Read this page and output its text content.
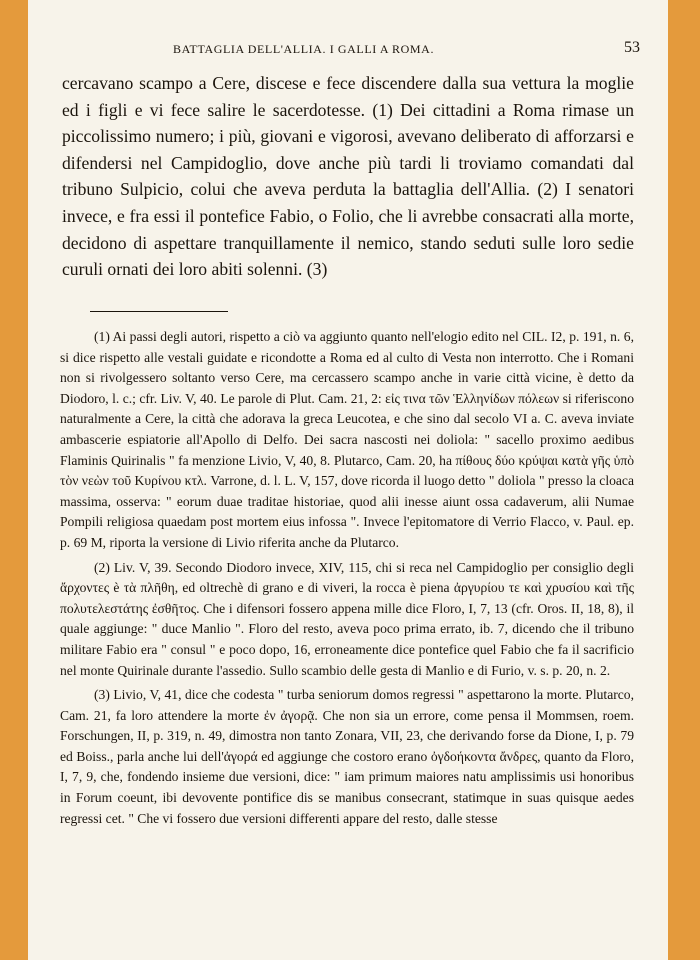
BATTAGLIA DELL'ALLIA. I GALLI A ROMA.	53

cercavano scampo a Cere, discese e fece discendere dalla sua vettura la moglie ed i figli e vi fece salire le sacerdotesse. (1) Dei cittadini a Roma rimase un piccolissimo numero; i più, giovani e vigorosi, avevano deliberato di afforzarsi e difendersi nel Campidoglio, dove anche più tardi li troviamo comandati dal tribuno Sulpicio, colui che aveva perduta la battaglia dell'Allia. (2) I senatori invece, e fra essi il pontefice Fabio, o Folio, che li avrebbe consacrati alla morte, decidono di aspettare tranquillamente il nemico, stando seduti sulle loro sedie curuli ornati dei loro abiti solenni. (3)

(1) Ai passi degli autori, rispetto a ciò va aggiunto quanto nell'elogio edito nel CIL. I2, p. 191, n. 6, si dice rispetto alle vestali guidate e ricondotte a Roma ed al culto di Vesta non interrotto. Che i Romani non si rivolgessero soltanto verso Cere, ma cercassero scampo anche in varie città vicine, è detto da Diodoro, l. c.; cfr. Liv. V, 40. Le parole di Plut. Cam. 21, 2: εἰς τινα τῶν Ἑλληνίδων πόλεων si riferiscono naturalmente a Cere, la città che adorava la greca Leucotea, e che sino dal secolo VI a. C. aveva inviate ambascerie espiatorie all'Apollo di Delfo. Dei sacra nascosti nei doliola: " sacello proximo aedibus Flaminis Quirinalis " fa menzione Livio, V, 40, 8. Plutarco, Cam. 20, ha πίθους δύο κρύψαι κατὰ γῆς ὑπὸ τὸν νεὼν τοῦ Κυρίνου κτλ. Varrone, d. l. L. V, 157, dove ricorda il luogo detto " doliola " presso la cloaca massima, osserva: " eorum duae traditae historiae, quod alii inesse aiunt ossa cadaverum, alii Numae Pompili religiosa quaedam post mortem eius infossa ". Invece l'epitomatore di Verrio Flacco, v. Paul. ep. p. 69 M, riporta la versione di Livio riferita anche da Plutarco.

(2) Liv. V, 39. Secondo Diodoro invece, XIV, 115, chi si reca nel Campidoglio per consiglio degli ἄρχοντες è τὰ πλῆθη, ed oltrechè di grano e di viveri, la rocca è piena ἀργυρίου τε καὶ χρυσίου καὶ τῆς πολυτελεστάτης ἐσθῆτος. Che i difensori fossero appena mille dice Floro, I, 7, 13 (cfr. Oros. II, 18, 8), il quale aggiunge: " duce Manlio ". Floro del resto, aveva poco prima errato, ib. 7, dicendo che il tribuno militare Fabio era " consul " e poco dopo, 16, erroneamente dice pontefice quel Fabio che fa il sacrificio nel monte Quirinale durante l'assedio. Sullo scambio delle gesta di Manlio e di Furio, v. s. p. 20, n. 2.

(3) Livio, V, 41, dice che codesta " turba seniorum domos regressi " aspettarono la morte. Plutarco, Cam. 21, fa loro attendere la morte ἐν ἀγορᾷ. Che non sia un errore, come pensa il Mommsen, roem. Forschungen, II, p. 319, n. 49, dimostra non tanto Zonara, VII, 23, che derivando forse da Dione, I, p. 79 ed Boiss., parla anche lui dell'ἀγορά ed aggiunge che costoro erano ὀγδοήκοντα ἄνδρες, quanto da Floro, I, 7, 9, che, fondendo insieme due versioni, dice: " iam primum maiores natu amplissimis usi honoribus in Forum coeunt, ibi devovente pontifice dis se manibus consecrant, statimque in suas quisque aedes regressi cet. " Che vi fossero due versioni differenti appare del resto, dalle stesse
